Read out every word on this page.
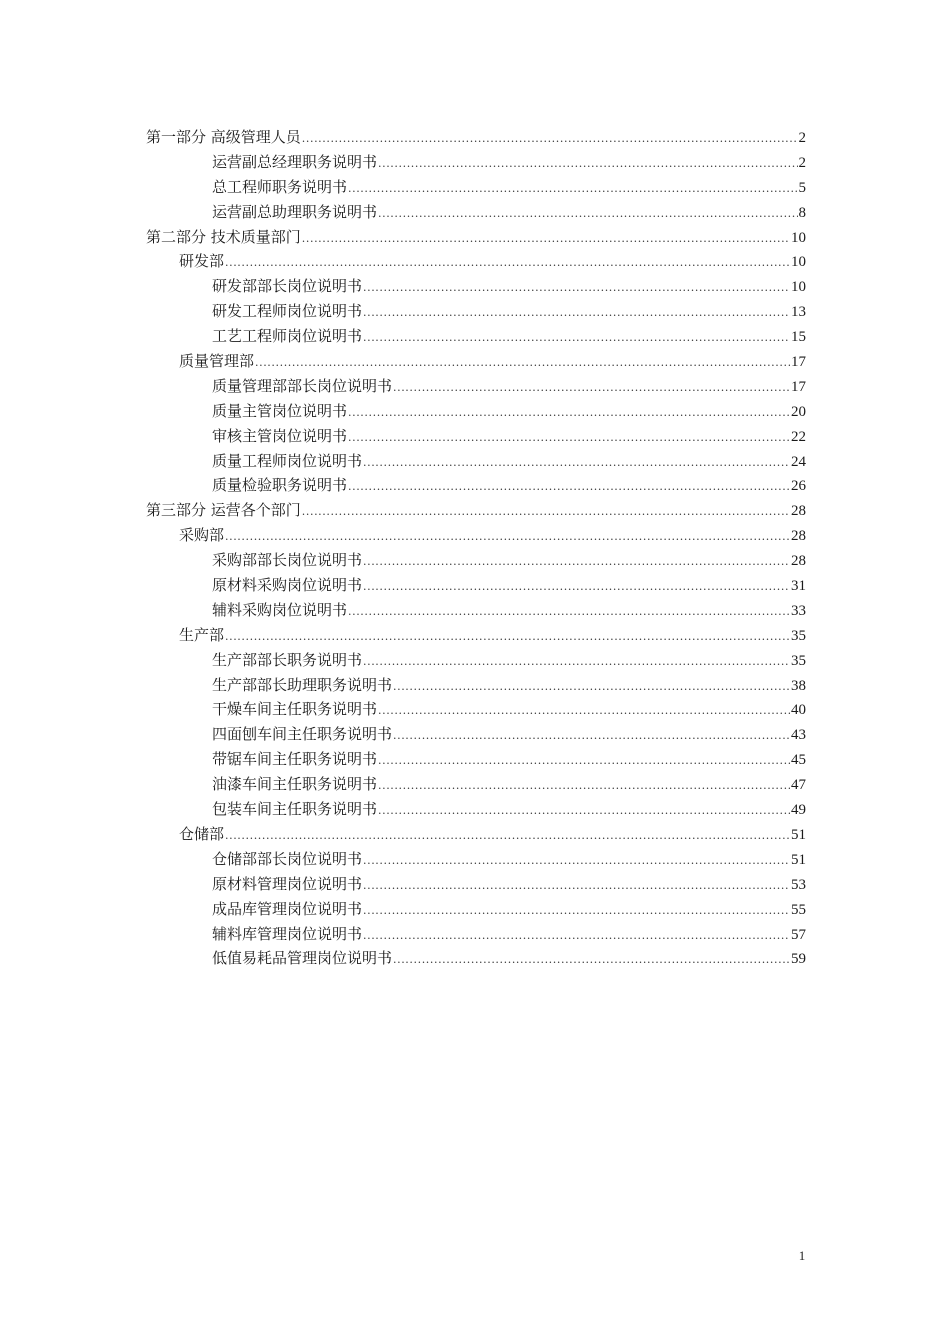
第一部分 高级管理人员 .....	2
运营副总经理职务说明书 .....	2
总工程师职务说明书 .....	5
运营副总助理职务说明书 .....	8
第二部分 技术质量部门 .....	10
研发部 .....	10
研发部部长岗位说明书 .....	10
研发工程师岗位说明书 .....	13
工艺工程师岗位说明书 .....	15
质量管理部 .....	17
质量管理部部长岗位说明书 .....	17
质量主管岗位说明书 .....	20
审核主管岗位说明书 .....	22
质量工程师岗位说明书 .....	24
质量检验职务说明书 .....	26
第三部分 运营各个部门 .....	28
采购部 .....	28
采购部部长岗位说明书 .....	28
原材料采购岗位说明书 .....	31
辅料采购岗位说明书 .....	33
生产部 .....	35
生产部部长职务说明书 .....	35
生产部部长助理职务说明书 .....	38
干燥车间主任职务说明书 .....	40
四面刨车间主任职务说明书 .....	43
带锯车间主任职务说明书 .....	45
油漆车间主任职务说明书 .....	47
包装车间主任职务说明书 .....	49
仓储部 .....	51
仓储部部长岗位说明书 .....	51
原材料管理岗位说明书 .....	53
成品库管理岗位说明书 .....	55
辅料库管理岗位说明书 .....	57
低值易耗品管理岗位说明书 .....	59
1
